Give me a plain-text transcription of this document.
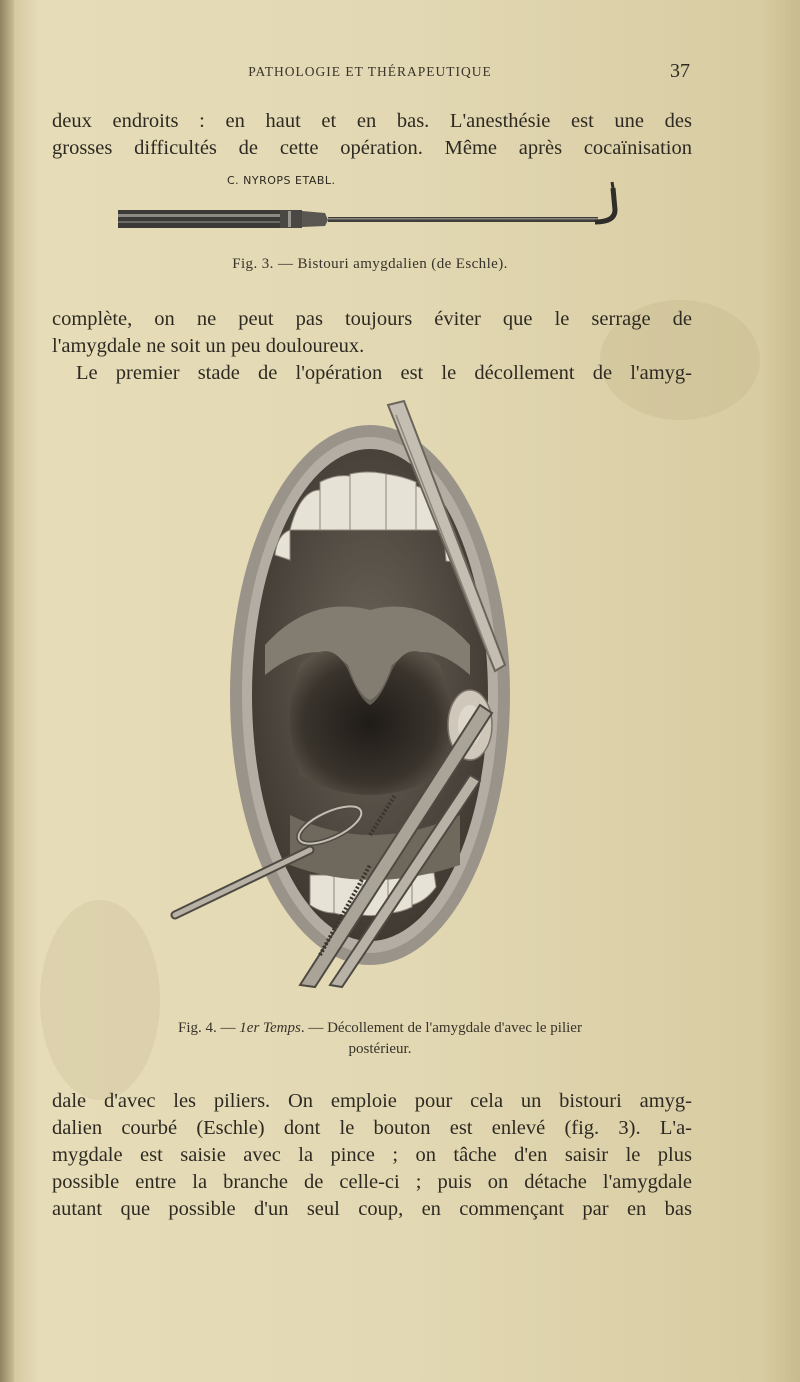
PATHOLOGIE ET THÉRAPEUTIQUE	37
deux endroits : en haut et en bas. L'anesthésie est une des
grosses difficultés de cette opération. Même après cocaïnisation
C. NYROPS ETABL.
Fig. 3. — Bistouri amygdalien (de Eschle).
complète, on ne peut pas toujours éviter que le serrage de
l'amygdale ne soit un peu douloureux.
Le premier stade de l'opération est le décollement de l'amyg-
Fig. 4. — 1er Temps. — Décollement de l'amygdale d'avec le pilier
postérieur.
dale d'avec les piliers. On emploie pour cela un bistouri amyg-
dalien courbé (Eschle) dont le bouton est enlevé (fig. 3). L'a-
mygdale est saisie avec la pince ; on tâche d'en saisir le plus
possible entre la branche de celle-ci ; puis on détache l'amygdale
autant que possible d'un seul coup, en commençant par en bas
